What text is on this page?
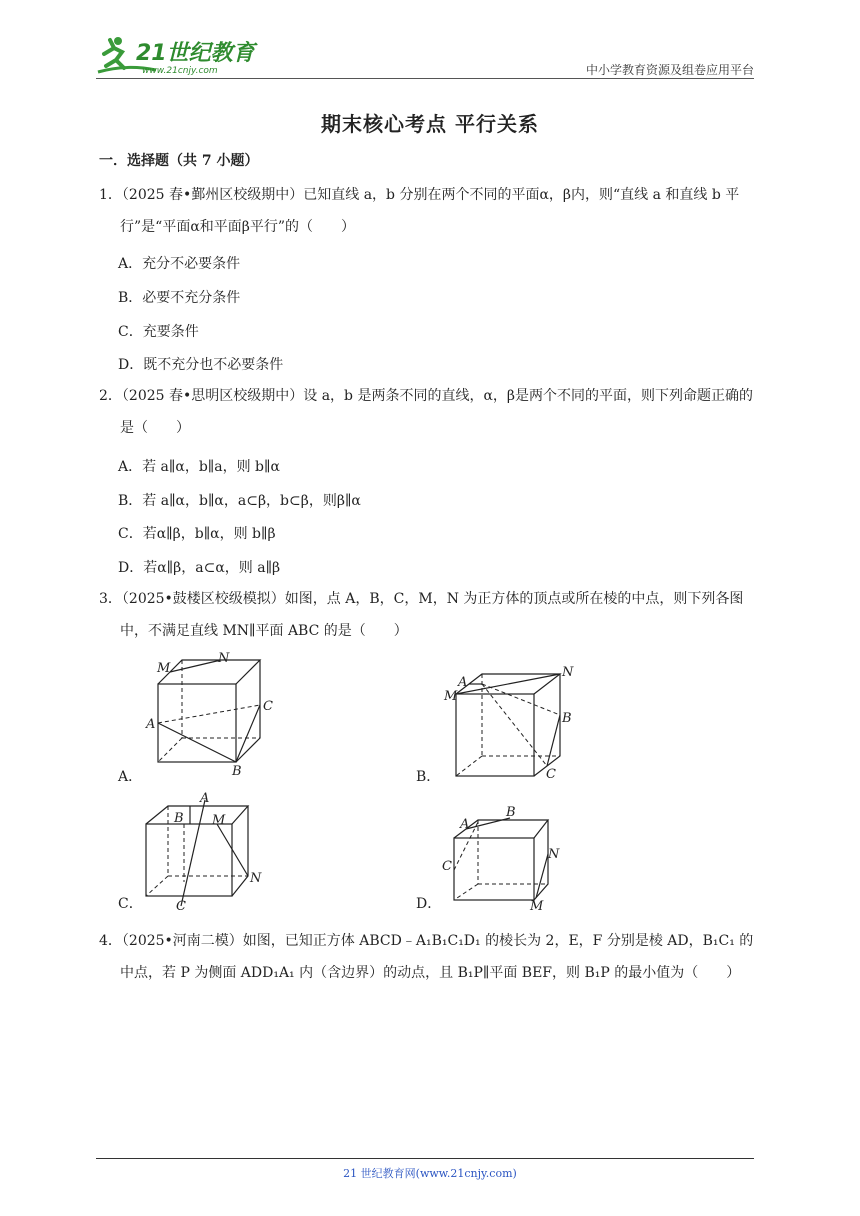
21世纪教育
www.21cnjy.com	中小学教育资源及组卷应用平台
期末核心考点 平行关系
一．选择题（共 7 小题）
1．（2025 春•鄞州区校级期中）已知直线 a，b 分别在两个不同的平面α，β内，则“直线 a 和直线 b 平行”是“平面α和平面β平行”的（　　）
A．充分不必要条件
B．必要不充分条件
C．充要条件
D．既不充分也不必要条件
2．（2025 春•思明区校级期中）设 a，b 是两条不同的直线，α，β是两个不同的平面，则下列命题正确的是（　　）
A．若 a∥α，b∥a，则 b∥α
B．若 a∥α，b∥α，a⊂β，b⊂β，则β∥α
C．若α∥β，b∥α，则 b∥β
D．若α∥β，a⊂α，则 a∥β
3．（2025•鼓楼区校级模拟）如图，点 A，B，C，M，N 为正方体的顶点或所在棱的中点，则下列各图中，不满足直线 MN∥平面 ABC 的是（　　）
M
N
A
B
C
A．
M
N
A
B
C
B．
M
N
A
B
C
C．	M
N
A
B
C
D．
4．（2025•河南二模）如图，已知正方体 ABCD﹣A₁B₁C₁D₁ 的棱长为 2，E，F 分别是棱 AD，B₁C₁ 的中点，若 P 为侧面 ADD₁A₁ 内（含边界）的动点，且 B₁P∥平面 BEF，则 B₁P 的最小值为（　　）
21 世纪教育网(www.21cnjy.com)
